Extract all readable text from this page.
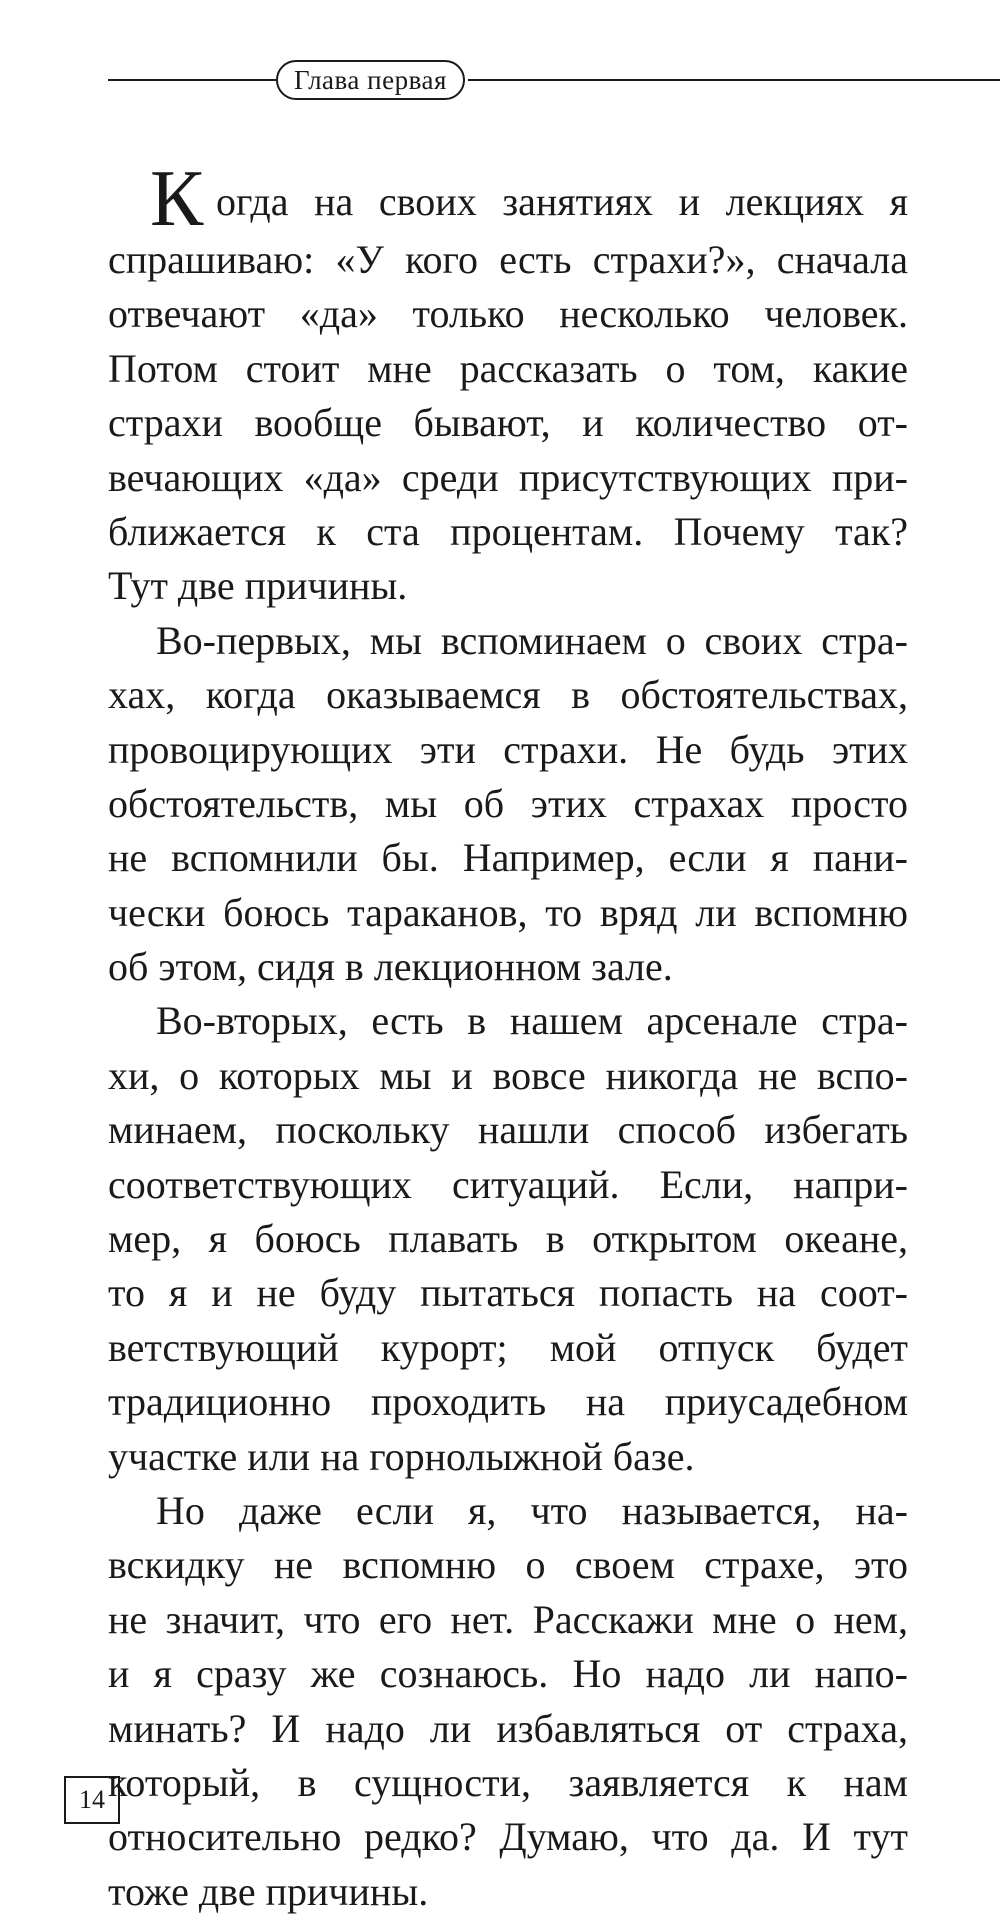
Глава первая
К огда на своих занятиях и лекциях я
спрашиваю: «У кого есть страхи?», сначала
отвечают «да» только несколько человек.
Потом стоит мне рассказать о том, какие
страхи вообще бывают, и количество от-
вечающих «да» среди присутствующих при-
ближается к ста процентам. Почему так?
Тут две причины.
Во-первых, мы вспоминаем о своих стра-
хах, когда оказываемся в обстоятельствах,
провоцирующих эти страхи. Не будь этих
обстоятельств, мы об этих страхах просто
не вспомнили бы. Например, если я пани-
чески боюсь тараканов, то вряд ли вспомню
об этом, сидя в лекционном зале.
Во-вторых, есть в нашем арсенале стра-
хи, о которых мы и вовсе никогда не вспо-
минаем, поскольку нашли способ избегать
соответствующих ситуаций. Если, напри-
мер, я боюсь плавать в открытом океане,
то я и не буду пытаться попасть на соот-
ветствующий курорт; мой отпуск будет
традиционно проходить на приусадебном
участке или на горнолыжной базе.
Но даже если я, что называется, на-
вскидку не вспомню о своем страхе, это
не значит, что его нет. Расскажи мне о нем,
и я сразу же сознаюсь. Но надо ли напо-
минать? И надо ли избавляться от страха,
который, в сущности, заявляется к нам
относительно редко? Думаю, что да. И тут
тоже две причины.
14
